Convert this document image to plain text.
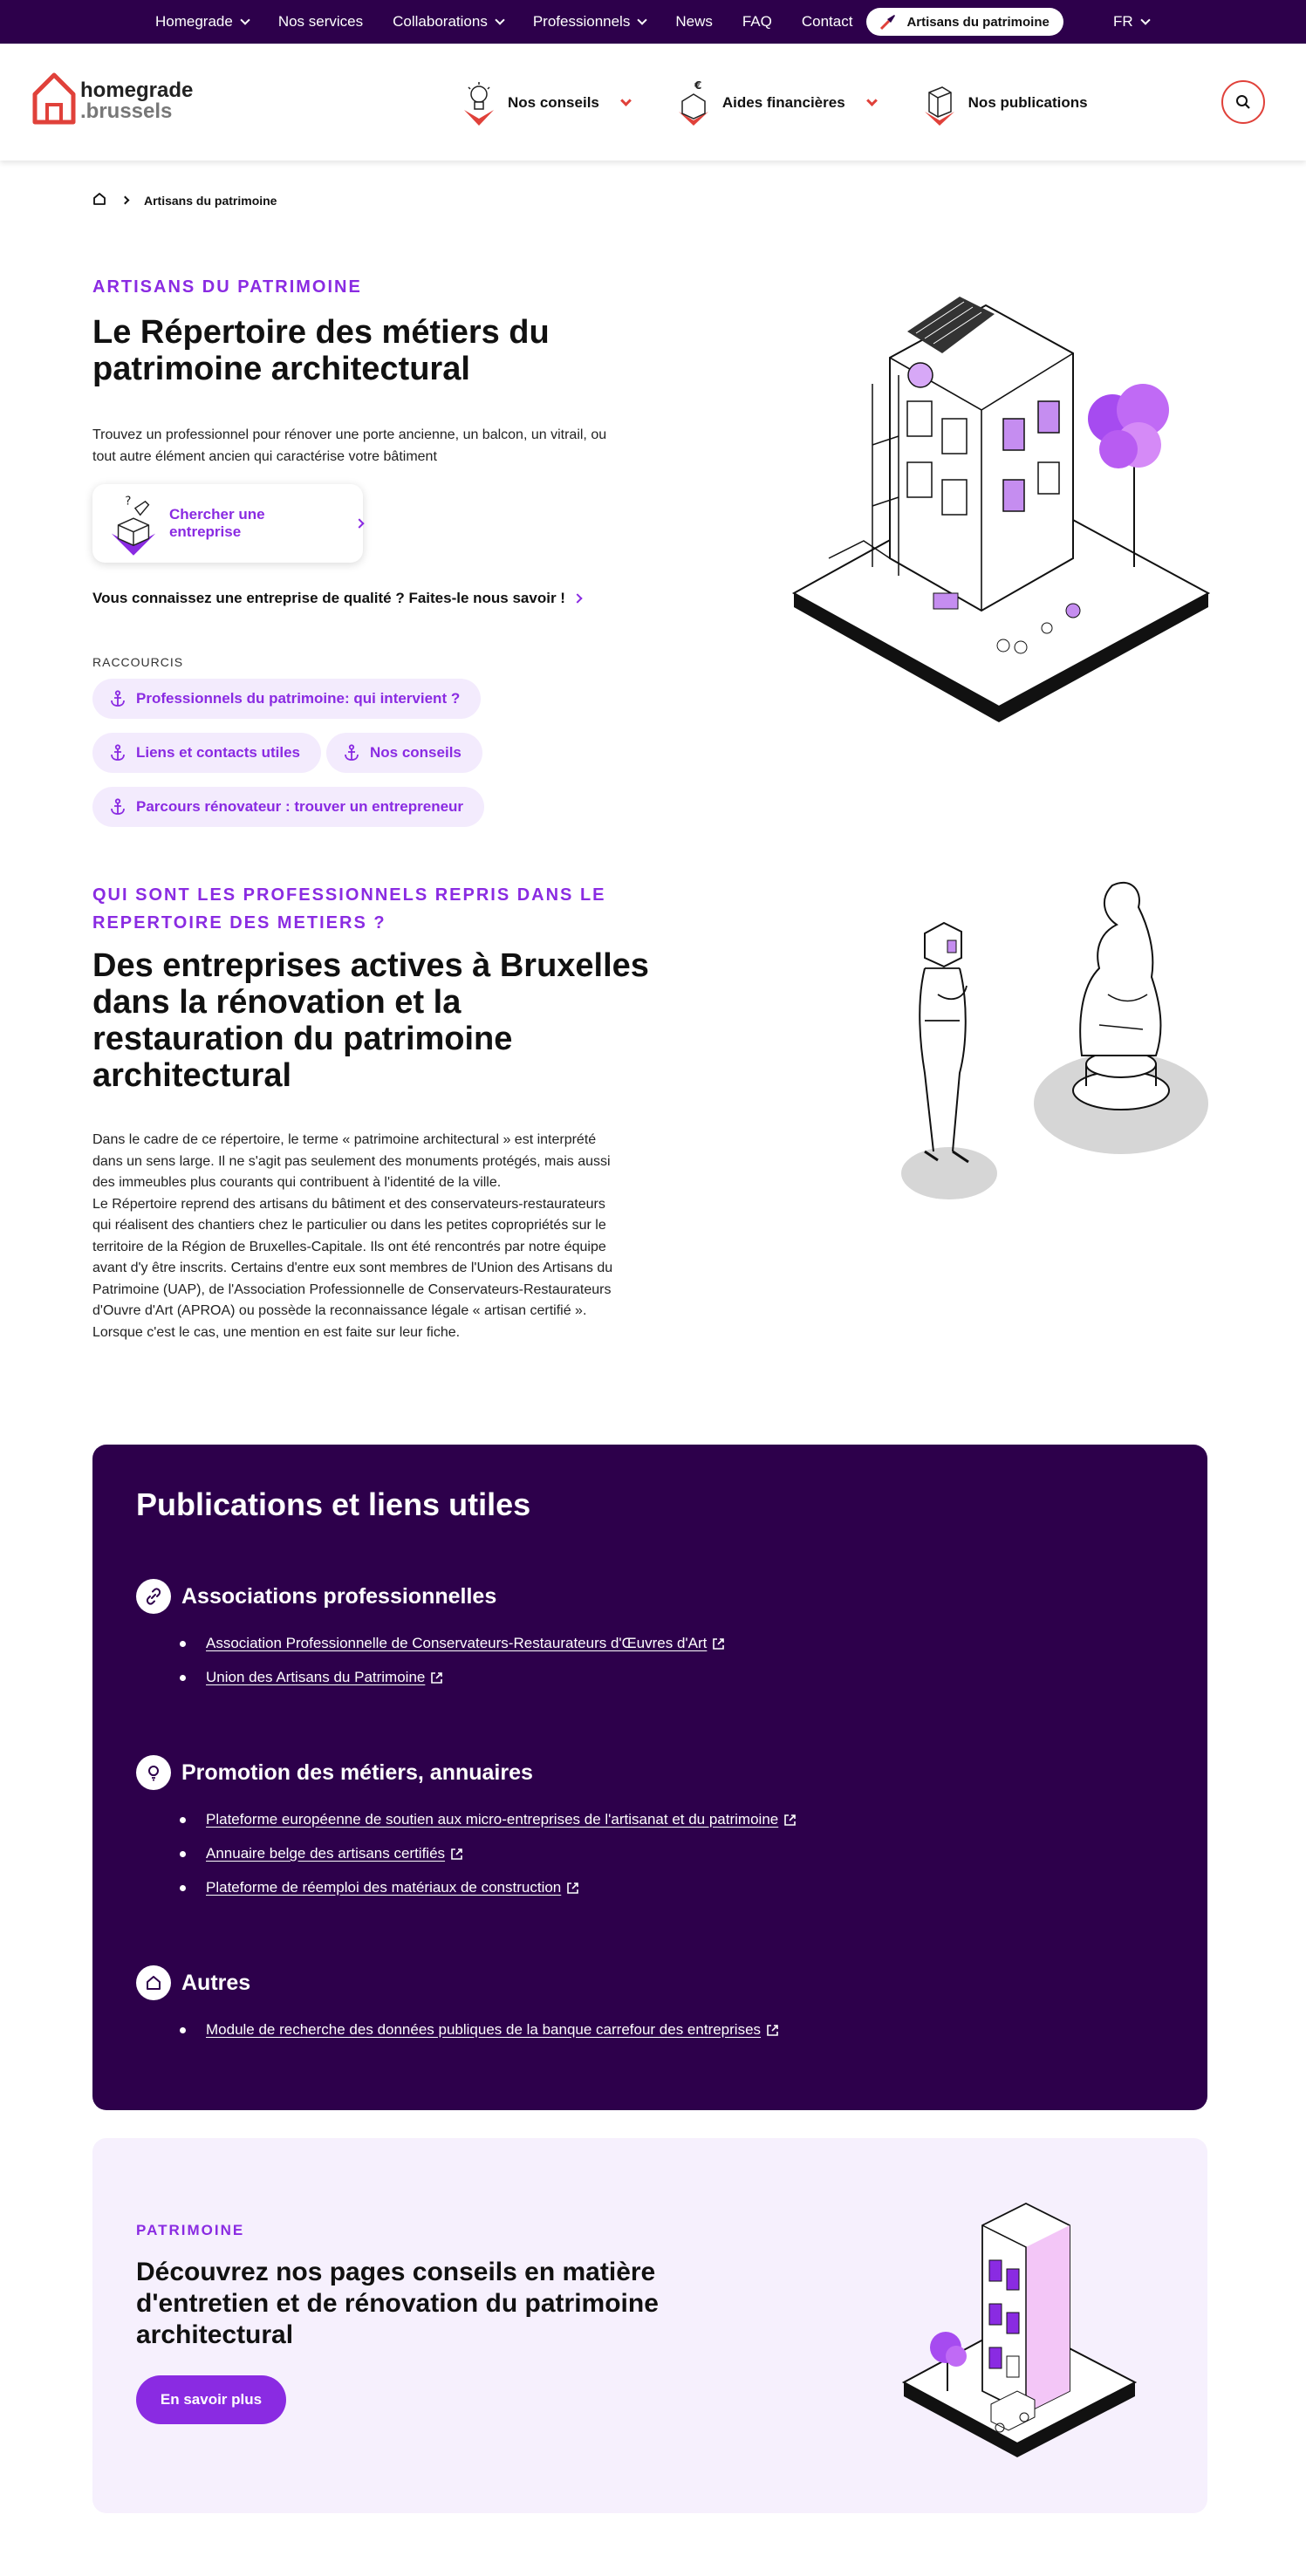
Homegrade	Nos services Collaborations	Professionnels	News FAQ Contact	Artisans du patrimoine	FR
homegrade
.brussels	Nos conseils
€
Aides financières	Nos publications
Artisans du patrimoine
ARTISANS DU PATRIMOINE
Le Répertoire des métiers du patrimoine architectural

Trouvez un professionnel pour rénover une porte ancienne, un balcon, un vitrail, ou tout autre élément ancien qui caractérise votre bâtiment

?
Chercher une entreprise
Vous connaissez une entreprise de qualité ? Faites-le nous savoir !
RACCOURCIS
Professionnels du patrimoine: qui intervient ?
Liens et contacts utiles	Nos conseils
Parcours rénovateur : trouver un entrepreneur
QUI SONT LES PROFESSIONNELS REPRIS DANS LE REPERTOIRE DES METIERS ?
Des entreprises actives à Bruxelles dans la rénovation et la restauration du patrimoine architectural

Dans le cadre de ce répertoire, le terme « patrimoine architectural » est interprété dans un sens large. Il ne s'agit pas seulement des monuments protégés, mais aussi des immeubles plus courants qui contribuent à l'identité de la ville.

Le Répertoire reprend des artisans du bâtiment et des conservateurs-restaurateurs qui réalisent des chantiers chez le particulier ou dans les petites copropriétés sur le territoire de la Région de Bruxelles-Capitale. Ils ont été rencontrés par notre équipe avant d'y être inscrits. Certains d'entre eux sont membres de l'Union des Artisans du Patrimoine (UAP), de l'Association Professionnelle de Conservateurs-Restaurateurs d'Ouvre d'Art (APROA) ou possède la reconnaissance légale « artisan certifié ». Lorsque c'est le cas, une mention en est faite sur leur fiche.

Publications et liens utiles
Associations professionnelles
Association Professionnelle de Conservateurs-Restaurateurs d'Œuvres d'Art
Union des Artisans du Patrimoine
Promotion des métiers, annuaires
Plateforme européenne de soutien aux micro-entreprises de l'artisanat et du patrimoine
Annuaire belge des artisans certifiés
Plateforme de réemploi des matériaux de construction
Autres
Module de recherche des données publiques de la banque carrefour des entreprises
PATRIMOINE
Découvrez nos pages conseils en matière d'entretien et de rénovation du patrimoine architectural
En savoir plus
